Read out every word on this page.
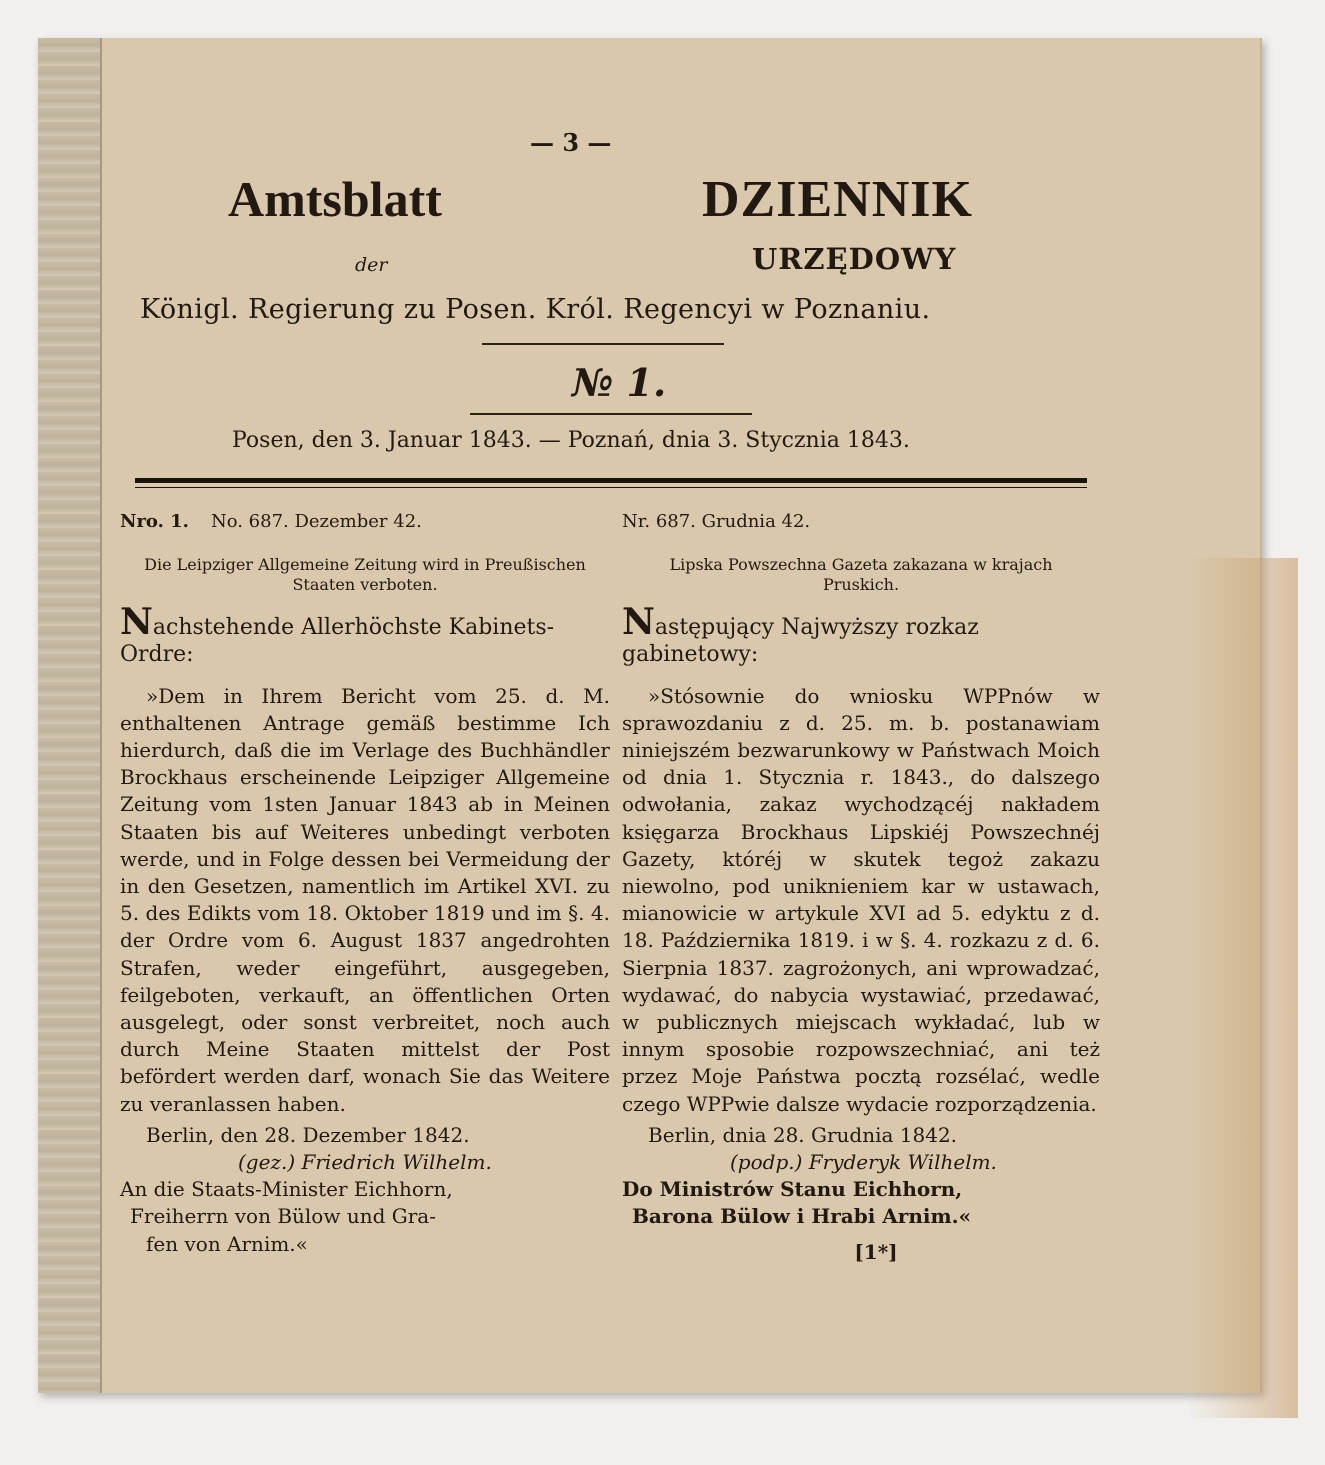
— 3 —
Amtsblatt	DZIENNIK
der	URZĘDOWY
Königl. Regierung zu Posen. Król. Regencyi w Poznaniu.
№ 1.
Posen, den 3. Januar 1843. — Poznań, dnia 3. Stycznia 1843.
Nro. 1. No. 687. Dezember 42.
Die Leipziger Allgemeine Zeitung wird in Preußischen Staaten verboten.
Nachstehende Allerhöchste Kabinets-Ordre:
»Dem in Ihrem Bericht vom 25. d. M. enthaltenen Antrage gemäß bestimme Ich hierdurch, daß die im Verlage des Buchhändler Brockhaus erscheinende Leipziger Allgemeine Zeitung vom 1sten Januar 1843 ab in Meinen Staaten bis auf Weiteres unbedingt verboten werde, und in Folge dessen bei Vermeidung der in den Gesetzen, namentlich im Artikel XVI. zu 5. des Edikts vom 18. Oktober 1819 und im §. 4. der Ordre vom 6. August 1837 angedrohten Strafen, weder eingeführt, ausgegeben, feilgeboten, verkauft, an öffentlichen Orten ausgelegt, oder sonst verbreitet, noch auch durch Meine Staaten mittelst der Post befördert werden darf, wonach Sie das Weitere zu veranlassen haben.
Berlin, den 28. Dezember 1842.
(gez.) Friedrich Wilhelm.
An die Staats-Minister Eichhorn,
Freiherrn von Bülow und Gra-
fen von Arnim.«
Nr. 687. Grudnia 42.
Lipska Powszechna Gazeta zakazana w krajach Pruskich.
Następujący Najwyższy rozkaz gabinetowy:
»Stósownie do wniosku WPPnów w sprawozdaniu z d. 25. m. b. postanawiam niniejszém bezwarunkowy w Państwach Moich od dnia 1. Stycznia r. 1843., do dalszego odwołania, zakaz wychodzącéj nakładem księgarza Brockhaus Lipskiéj Powszechnéj Gazety, któréj w skutek tegoż zakazu niewolno, pod uniknieniem kar w ustawach, mianowicie w artykule XVI ad 5. edyktu z d. 18. Października 1819. i w §. 4. rozkazu z d. 6. Sierpnia 1837. zagrożonych, ani wprowadzać, wydawać, do nabycia wystawiać, przedawać, w publicznych miejscach wykładać, lub w innym sposobie rozpowszechniać, ani też przez Moje Państwa pocztą rozsélać, wedle czego WPPwie dalsze wydacie rozporządzenia.
Berlin, dnia 28. Grudnia 1842.
(podp.) Fryderyk Wilhelm.
Do Ministrów Stanu Eichhorn,
Barona Bülow i Hrabi Arnim.«
[1*]
